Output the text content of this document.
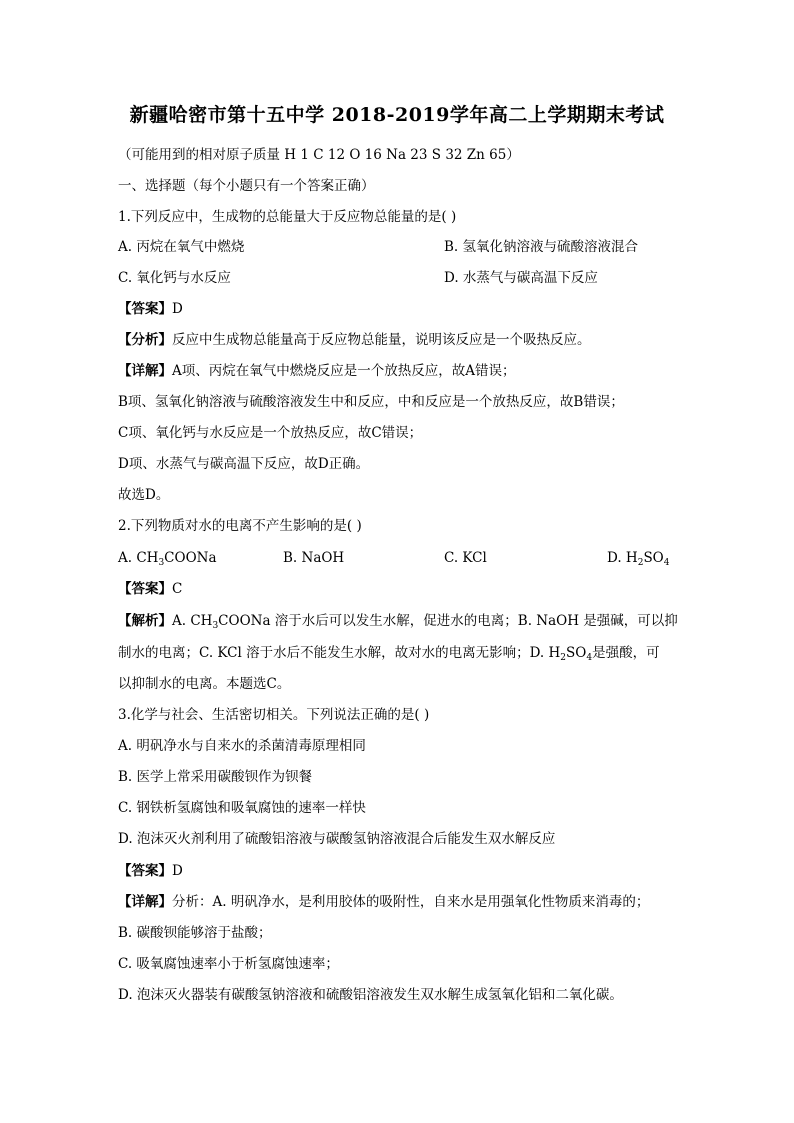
新疆哈密市第十五中学 2018-2019学年高二上学期期末考试
（可能用到的相对原子质量 H 1 C 12 O 16 Na 23 S 32 Zn 65）
一、选择题（每个小题只有一个答案正确）
1.下列反应中，生成物的总能量大于反应物总能量的是( )
A. 丙烷在氧气中燃烧	B. 氢氧化钠溶液与硫酸溶液混合
C. 氧化钙与水反应	D. 水蒸气与碳高温下反应
【答案】D
【分析】反应中生成物总能量高于反应物总能量，说明该反应是一个吸热反应。
【详解】A项、丙烷在氧气中燃烧反应是一个放热反应，故A错误；
B项、氢氧化钠溶液与硫酸溶液发生中和反应，中和反应是一个放热反应，故B错误；
C项、氧化钙与水反应是一个放热反应，故C错误；
D项、水蒸气与碳高温下反应，故D正确。
故选D。
2.下列物质对水的电离不产生影响的是( )
A. $CH_3COONa$	B. NaOH	C. KCl	D. $H_2SO_4$
【答案】C
【解析】A. $CH_3COONa$ 溶于水后可以发生水解，促进水的电离；B. NaOH 是强碱，可以抑
制水的电离；C. KCl 溶于水后不能发生水解，故对水的电离无影响；D. $H_2SO_4$是强酸，可
以抑制水的电离。本题选C。
3.化学与社会、生活密切相关。下列说法正确的是( )
A. 明矾净水与自来水的杀菌清毒原理相同
B. 医学上常采用碳酸钡作为钡餐
C. 钢铁析氢腐蚀和吸氧腐蚀的速率一样快
D. 泡沫灭火剂利用了硫酸铝溶液与碳酸氢钠溶液混合后能发生双水解反应
【答案】D
【详解】分析：A. 明矾净水，是利用胶体的吸附性，自来水是用强氧化性物质来消毒的；
B. 碳酸钡能够溶于盐酸；
C. 吸氧腐蚀速率小于析氢腐蚀速率；
D. 泡沫灭火器装有碳酸氢钠溶液和硫酸铝溶液发生双水解生成氢氧化铝和二氧化碳。
